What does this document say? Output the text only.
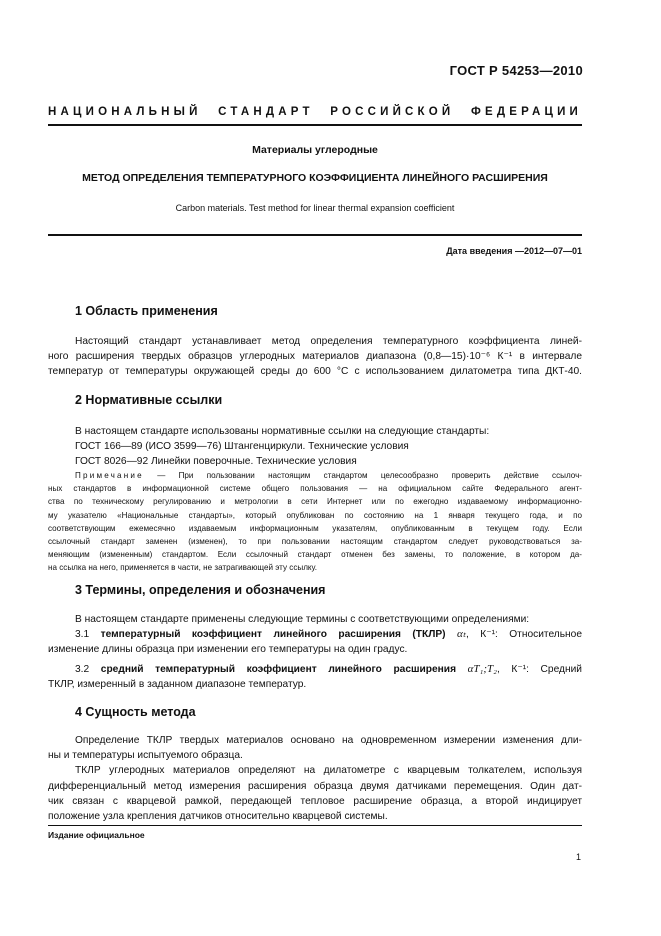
ГОСТ Р 54253—2010
НАЦИОНАЛЬНЫЙ СТАНДАРТ РОССИЙСКОЙ ФЕДЕРАЦИИ
Материалы углеродные
МЕТОД ОПРЕДЕЛЕНИЯ ТЕМПЕРАТУРНОГО КОЭФФИЦИЕНТА ЛИНЕЙНОГО РАСШИРЕНИЯ
Carbon materials. Test method for linear thermal expansion coefficient
Дата введения —2012—07—01
1 Область применения
Настоящий стандарт устанавливает метод определения температурного коэффициента линей-
ного расширения твердых образцов углеродных материалов диапазона (0,8—15)·10⁻⁶ К⁻¹ в интервале
температур от температуры окружающей среды до 600 °С с использованием дилатометра типа ДКТ-40.
2 Нормативные ссылки
В настоящем стандарте использованы нормативные ссылки на следующие стандарты:
ГОСТ 166—89 (ИСО 3599—76) Штангенциркули. Технические условия
ГОСТ 8026—92 Линейки поверочные. Технические условия
Примечание — При пользовании настоящим стандартом целесообразно проверить действие ссылоч-
ных стандартов в информационной системе общего пользования — на официальном сайте Федерального агент-
ства по техническому регулированию и метрологии в сети Интернет или по ежегодно издаваемому информационно-
му указателю «Национальные стандарты», который опубликован по состоянию на 1 января текущего года, и по
соответствующим ежемесячно издаваемым информационным указателям, опубликованным в текущем году. Если
ссылочный стандарт заменен (изменен), то при пользовании настоящим стандартом следует руководствоваться за-
меняющим (измененным) стандартом. Если ссылочный стандарт отменен без замены, то положение, в котором да-
на ссылка на него, применяется в части, не затрагивающей эту ссылку.
3 Термины, определения и обозначения
В настоящем стандарте применены следующие термины с соответствующими определениями:
3.1 температурный коэффициент линейного расширения (ТКЛР) αₜ, К⁻¹: Относительное
изменение длины образца при изменении его температуры на один градус.
3.2 средний температурный коэффициент линейного расширения αT₁;T₂, К⁻¹: Средний
ТКЛР, измеренный в заданном диапазоне температур.
4 Сущность метода
Определение ТКЛР твердых материалов основано на одновременном измерении изменения дли-
ны и температуры испытуемого образца.
ТКЛР углеродных материалов определяют на дилатометре с кварцевым толкателем, используя
дифференциальный метод измерения расширения образца двумя датчиками перемещения. Один дат-
чик связан с кварцевой рамкой, передающей тепловое расширение образца, а второй индицирует
положение узла крепления датчиков относительно кварцевой системы.
Издание официальное
1
